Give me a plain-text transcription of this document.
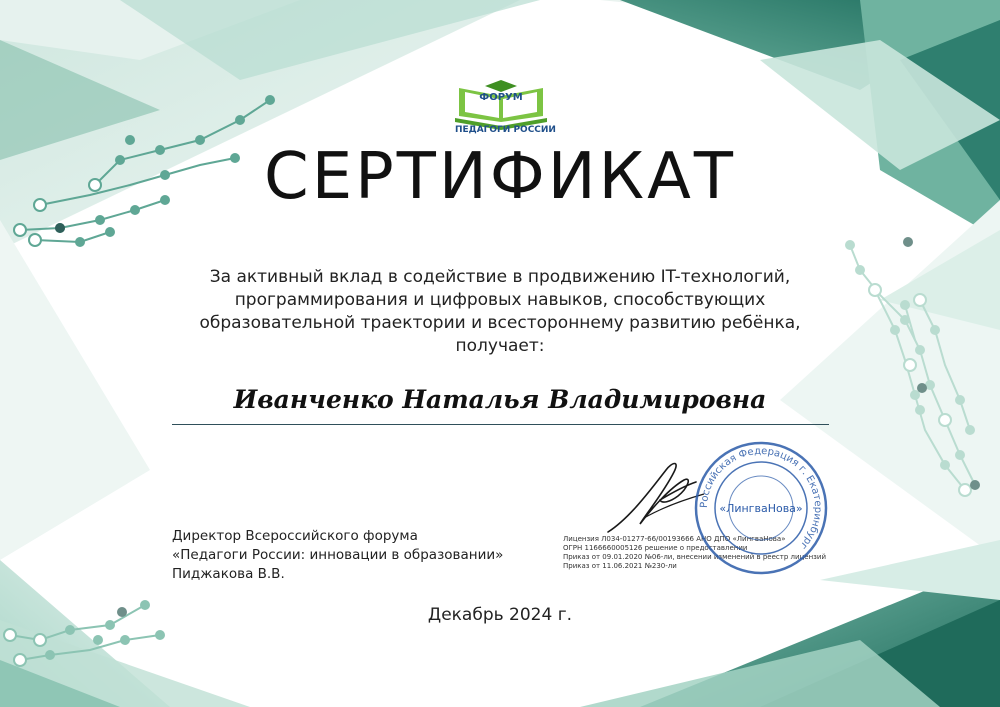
ФОРУМ
ПЕДАГОГИ РОССИИ
СЕРТИФИКАТ
За активный вклад в содействие в продвижению IT-технологий,
программирования и цифровых навыков, способствующих
образовательной траектории и всестороннему развитию ребёнка,
получает:
Иванченко Наталья Владимировна
Директор Всероссийского форума
«Педагоги России: инновации в образовании»
Пиджакова В.В.
Лицензия Л034-01277-66/00193666 АНО ДПО «ЛингваНова»
ОГРН 1166660005126 решение о предоставлении
Приказ от 09.01.2020 №06-ли, внесении изменений в реестр лицензий
Приказ от 11.06.2021 №230-ли
Российская Федерация г. Екатеринбург
«ЛингваНова»
Декабрь 2024 г.
